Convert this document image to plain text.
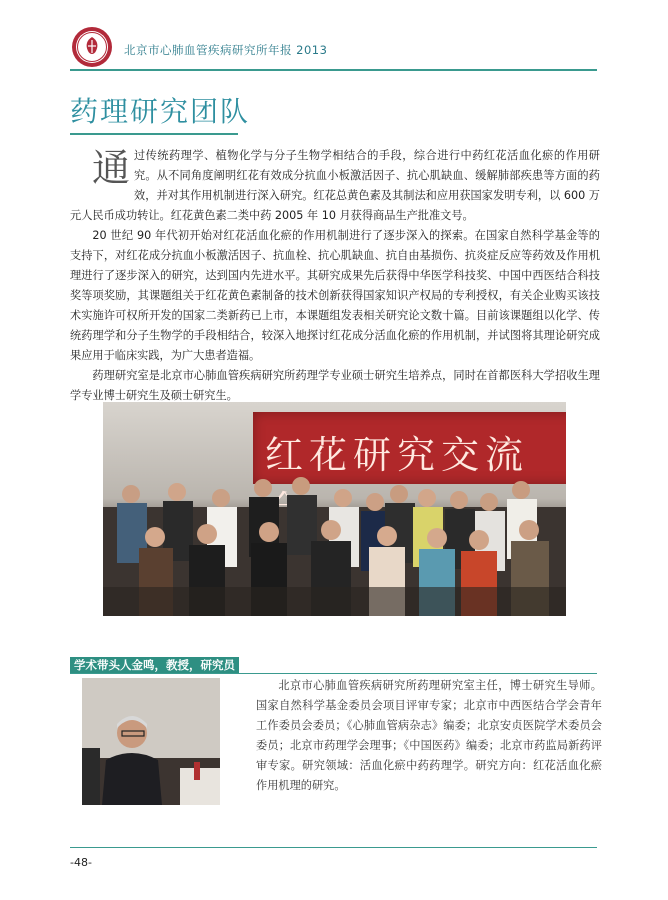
北京市心肺血管疾病研究所年报 2013
药理研究团队
通 过传统药理学、植物化学与分子生物学相结合的手段，综合进行中药红花活血化瘀的作用研究。从不同角度阐明红花有效成分抗血小板激活因子、抗心肌缺血、缓解肺部疾患等方面的药效，并对其作用机制进行深入研究。红花总黄色素及其制法和应用获国家发明专利，以 600 万元人民币成功转让。红花黄色素二类中药 2005 年 10 月获得商品生产批准文号。

20 世纪 90 年代初开始对红花活血化瘀的作用机制进行了逐步深入的探索。在国家自然科学基金等的支持下，对红花成分抗血小板激活因子、抗血栓、抗心肌缺血、抗自由基损伤、抗炎症反应等药效及作用机理进行了逐步深入的研究，达到国内先进水平。其研究成果先后获得中华医学科技奖、中国中西医结合科技奖等项奖励，其课题组关于红花黄色素制备的技术创新获得国家知识产权局的专利授权，有关企业购买该技术实施许可权所开发的国家二类新药已上市，本课题组发表相关研究论文数十篇。目前该课题组以化学、传统药理学和分子生物学的手段相结合，较深入地探讨红花成分活血化瘀的作用机制，并试图将其理论研究成果应用于临床实践，为广大患者造福。

药理研究室是北京市心肺血管疾病研究所药理学专业硕士研究生培养点，同时在首都医科大学招收生理学专业博士研究生及硕士研究生。

红花研究交流
学术带头人金鸣，教授，研究员

北京市心肺血管疾病研究所药理研究室主任，博士研究生导师。国家自然科学基金委员会项目评审专家；北京市中西医结合学会青年工作委员会委员；《心肺血管病杂志》编委；北京安贞医院学术委员会委员；北京市药理学会理事；《中国医药》编委；北京市药监局新药评审专家。研究领域：活血化瘀中药药理学。研究方向：红花活血化瘀作用机理的研究。

-48-
